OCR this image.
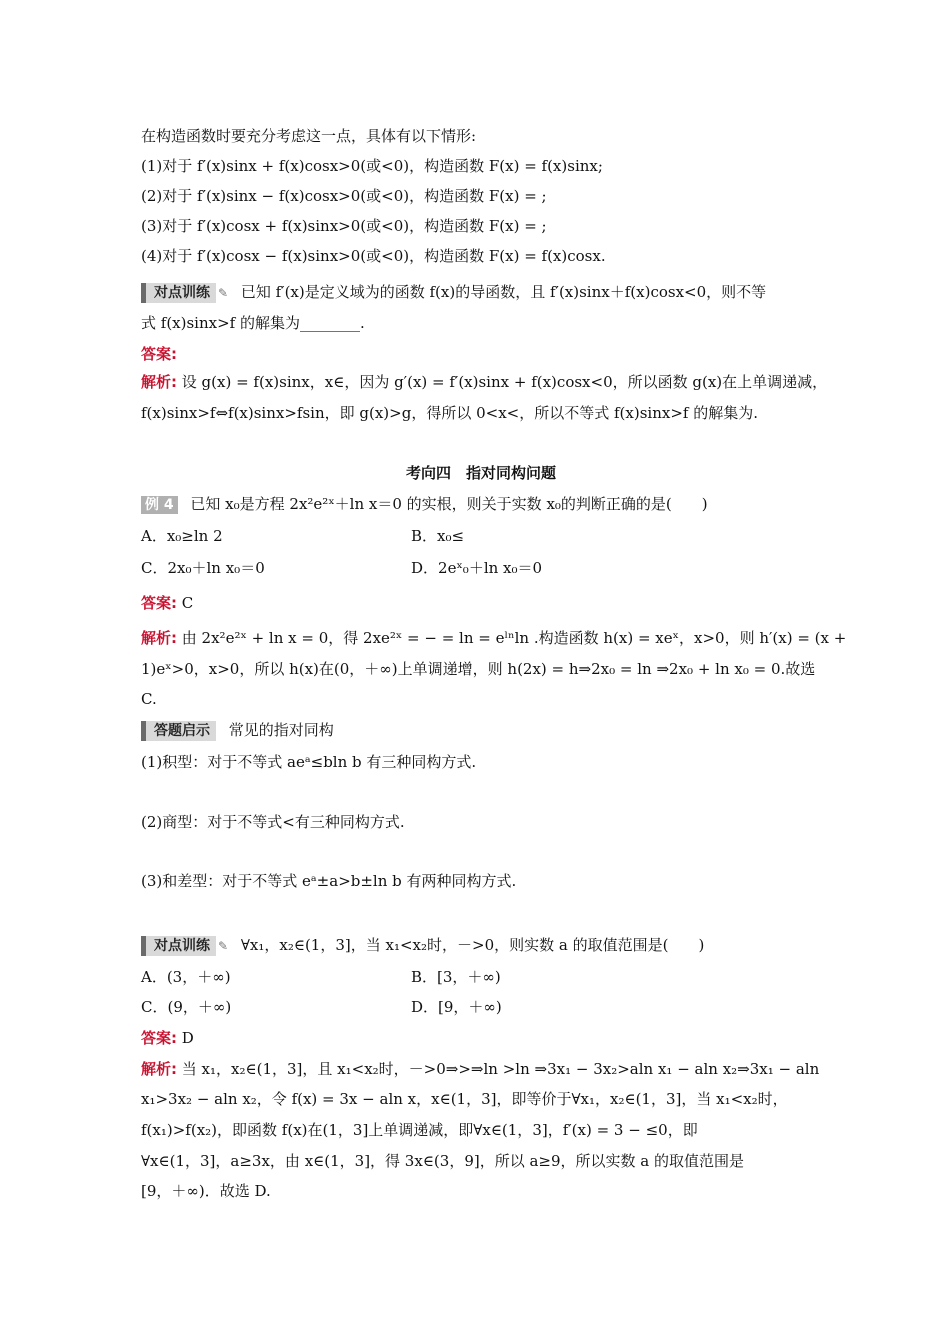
在构造函数时要充分考虑这一点，具体有以下情形:
(1)对于 f′(x)sinx + f(x)cosx>0(或<0)，构造函数 F(x) = f(x)sinx;
(2)对于 f′(x)sinx − f(x)cosx>0(或<0)，构造函数 F(x) = ;
(3)对于 f′(x)cosx + f(x)sinx>0(或<0)，构造函数 F(x) = ;
(4)对于 f′(x)cosx − f(x)sinx>0(或<0)，构造函数 F(x) = f(x)cosx.
对点训练 ✎ 已知 f′(x)是定义域为的函数 f(x)的导函数，且 f′(x)sinx＋f(x)cosx<0，则不等
式 f(x)sinx>f 的解集为________.
答案:
解析: 设 g(x) = f(x)sinx，x∈，因为 g′(x) = f′(x)sinx + f(x)cosx<0，所以函数 g(x)在上单调递减，
f(x)sinx>f⇔f(x)sinx>fsin，即 g(x)>g，得所以 0<x<，所以不等式 f(x)sinx>f 的解集为.
考向四　指对同构问题
例 4 已知 x₀是方程 2x²e²ˣ＋ln x＝0 的实根，则关于实数 x₀的判断正确的是(　　)
A．x₀≥ln 2	B．x₀≤
C．2x₀＋ln x₀＝0	D．2eˣ₀＋ln x₀＝0
答案: C
解析: 由 2x²e²ˣ + ln x = 0，得 2xe²ˣ = − = ln = eˡⁿln .构造函数 h(x) = xeˣ，x>0，则 h′(x) = (x +
1)eˣ>0，x>0，所以 h(x)在(0，＋∞)上单调递增，则 h(2x) = h⇒2x₀ = ln ⇒2x₀ + ln x₀ = 0.故选
C.
答题启示 常见的指对同构
(1)积型：对于不等式 aeᵃ≤bln b 有三种同构方式.
(2)商型：对于不等式<有三种同构方式.
(3)和差型：对于不等式 eᵃ±a>b±ln b 有两种同构方式.
对点训练 ✎ ∀x₁，x₂∈(1，3]，当 x₁<x₂时，－>0，则实数 a 的取值范围是(　　)
A．(3，＋∞)	B．[3，＋∞)
C．(9，＋∞)	D．[9，＋∞)
答案: D
解析: 当 x₁，x₂∈(1，3]，且 x₁<x₂时，－>0⇒>⇒ln >ln ⇒3x₁ − 3x₂>aln x₁ − aln x₂⇒3x₁ − aln
x₁>3x₂ − aln x₂，令 f(x) = 3x − aln x，x∈(1，3]，即等价于∀x₁，x₂∈(1，3]，当 x₁<x₂时，
f(x₁)>f(x₂)，即函数 f(x)在(1，3]上单调递减，即∀x∈(1，3]，f′(x) = 3 − ≤0，即
∀x∈(1，3]，a≥3x，由 x∈(1，3]，得 3x∈(3，9]，所以 a≥9，所以实数 a 的取值范围是
[9，＋∞)．故选 D.
